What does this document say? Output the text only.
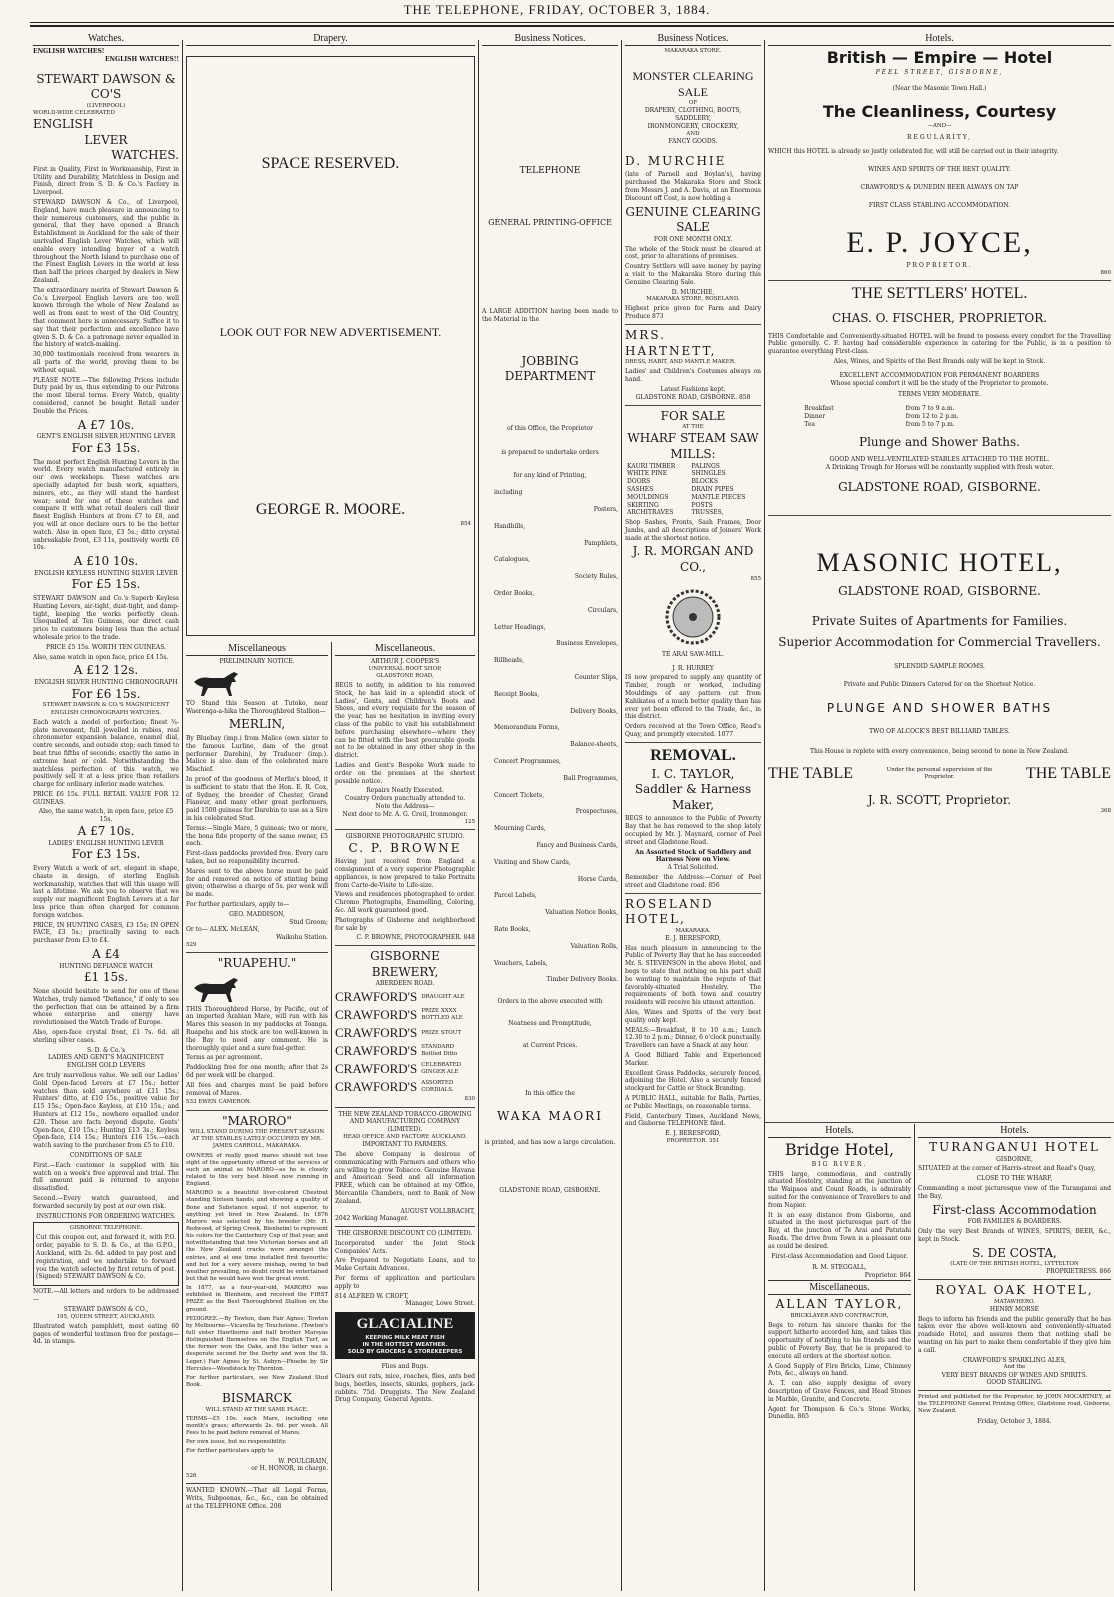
THE TELEPHONE, FRIDAY, OCTOBER 3, 1884.
Watches.
ENGLISH WATCHES!
ENGLISH WATCHES!!
STEWART DAWSON & CO'S
(LIVERPOOL)
WORLD-WIDE CELEBRATED
ENGLISH
LEVER
WATCHES.
First in Quality, First in Workmanship, First in Utility and Durability, Matchless in Design and Finish, direct from S. D. & Co.'s Factory in Liverpool.
STEWARD DAWSON & Co., of Liverpool, England, have much pleasure in announcing to their numerous customers, and the public in general, that they have opened a Branch Establishment in Auckland for the sale of their unrivalled English Lever Watches, which will enable every intending buyer of a watch throughout the North Island to purchase one of the Finest English Levers in the world at less than half the prices charged by dealers in New Zealand.
The extraordinary merits of Stewart Dawson & Co.'s Liverpool English Levers are too well known through the whole of New Zealand as well as from east to west of the Old Country, that comment here is unnecessary. Suffice it to say that their perfection and excellence have given S. D. & Co. a patronage never equalled in the history of watch-making.
30,000 testimonials received from wearers in all parts of the world, proving them to be without equal.
PLEASE NOTE.—The following Prices include Duty paid by us, thus extending to our Patrons the most liberal terms. Every Watch, quality considered, cannot be bought Retail under Double the Prices.
A £7 10s.
GENT'S ENGLISH SILVER HUNTING LEVER
For £3 15s.
The most perfect English Hunting Levers in the world. Every watch manufactured entirely in our own workshops. These watches are specially adapted for bush work, squatters, miners, etc., as they will stand the hardest wear; send for one of these watches and compare it with what retail dealers call their finest English Hunters at from £7 to £8, and you will at once declare ours to be the better watch. Also in open face, £3 5s.; ditto crystal unbreakable front, £3 11s, positively worth £6 10s.
A £10 10s.
ENGLISH KEYLESS HUNTING SILVER LEVER
For £5 15s.
STEWART DAWSON and Co.'s Superb Keyless Hunting Levers, air-tight, dust-tight, and damp-tight, keeping the works perfectly clean. Unequalled at Ten Guineas, our direct cash price to customers being less than the actual wholesale price to the trade.
PRICE £5 15s. WORTH TEN GUINEAS.
Also, same watch in open face, price £4 15s.
A £12 12s.
ENGLISH SILVER HUNTING CHRONOGRAPH
For £6 15s.
STEWART DAWSON & CO.'S MAGNIFICENT ENGLISH CHRONOGRAPH WATCHES.
Each watch a model of perfection; finest ¾-plate movement, full jewelled in rubies, real chronometer expansion balance, enamel dial, centre seconds, and outside stop; each timed to beat true fifths of seconds; exactly the same in extreme heat or cold. Notwithstanding the matchless perfection of this watch, we positively sell it at a less price than retailers charge for ordinary inferior made watches.
PRICE £6 15s. FULL RETAIL VALUE FOR 12 GUINEAS.
Also, the same watch, in open face, price £5 15s.
A £7 10s.
LADIES' ENGLISH HUNTING LEVER
For £3 15s.
Every Watch a work of art, elegant in shape, chaste in design, of sterling English workmanship, watches that will this usage will last a lifetime. We ask you to observe that we supply our magnificent English Levers at a far less price than often charged for common foreign watches.
PRICE, IN HUNTING CASES, £3 15s; IN OPEN FACE, £3 5s.; practically saving to each purchaser from £3 to £4.
A £4
HUNTING DEFIANCE WATCH
£1 15s.
None should hesitate to send for one of these Watches, truly named "Defiance," if only to see the perfection that can be attained by a firm whose enterprise and energy have revolutionised the Watch Trade of Europe.
Also, open-face crystal front, £1 7s. 6d. all sterling silver cases.
S. D. & Co.'s
LADIES AND GENT'S MAGNIFICENT ENGLISH GOLD LEVERS
Are truly marvellous value. We sell our Ladies' Gold Open-faced Levers at £7 15s.; better watches than sold anywhere at £11 15s.; Hunters' ditto, at £10 15s., positive value for £15 15s.; Open-face Keyless, at £10 15s.; and Hunters at £12 15s., nowhere equalled under £20. These are facts beyond dispute. Gents' Open-face, £10 15s.; Hunting £13 3s.; Keyless Open-face, £14 15s.; Hunters £16 15s.—each watch saving to the purchaser from £5 to £10.
CONDITIONS OF SALE
First.—Each customer is supplied with his watch on a week's free approval and trial. The full amount paid is returned to anyone dissatisfied.
Second.—Every watch guaranteed, and forwarded securely by post at our own risk.
INSTRUCTIONS FOR ORDERING WATCHES.
GISBORNE TELEPHONE.
Cut this coupon out, and forward it, with P.O. order, payable to S. D. & Co., at the G.P.O., Auckland, with 2s. 6d. added to pay post and registration, and we undertake to forward you the watch selected by first return of post. (Signed) STEWART DAWSON & Co.
NOTE.—All letters and orders to be addressed—
STEWART DAWSON & CO.,
195, QUEEN STREET, AUCKLAND.
Illustrated watch pamphlett, most eating 60 pages of wonderful testimon free for postage—4d. in stamps.
Drapery.
SPACE RESERVED.
LOOK OUT FOR NEW ADVERTISEMENT.
GEORGE R. MOORE.
854
Miscellaneous
PRELIMINARY NOTICE.
TO Stand this Season at Tutoko, near Waerenga-a-hika the Thoroughbred Stallion—
MERLIN,
By Bluebay (imp.) from Malice (own sister to the famous Lurline, dam of the great performer Darebin), by Traducer (imp.). Malice is also dam of the celebrated mare Mischief.
In proof of the goodness of Merlin's blood, it is sufficient to state that the Hon. E. R. Cox, of Sydney, the breeder of Chester, Grand Flaneur, and many other great performers, paid 1500 guineas for Darebin to use as a Sire in his celebrated Stud.
Terms:—Single Mare, 5 guineas; two or more, the bona fide property of the same owner, £5 each.
First-class paddocks provided free. Every care taken, but no responsibility incurred.
Mares sent to the above horse must be paid for and removed on notice of stinting being given; otherwise a charge of 5s. per week will be made.
For further particulars, apply to—
GEO. MADDISON,
Stud Groom;
Or to— ALEX. McLEAN,
Waikohu Station.
529
"RUAPEHU."
THIS Thoroughbred Horse, by Pacific, out of an imported Arabian Mare, will run with his Mares this season in my paddocks at Toanga. Ruapehu and his stock are too well-known in the Bay to need any comment. He is thoroughly quiet and a sure foal-getter.
Terms as per agreement.
Paddocking free for one month; after that 2s 6d per week will be charged.
All fees and charges must be paid before removal of Mares.
533 EWEN CAMERON.
"MARORO"
WILL STAND DURING THE PRESENT SEASON AT THE STABLES LATELY OCCUPIED BY MR. JAMES CARROLL, MAKARAKA.
OWNERS of really good mares should not lose sight of the opportunity offered of the services of such an animal as MARORO—as he is closely related to the very best blood now running in England.
MARORO is a beautiful liver-colored Chestnut standing Sixteen hands; and showing a quality of Bone and Substance equal, if not superior, to anything yet bred in New Zealand. In 1876 Maroro was selected by his breeder (Mr. H. Redwood, of Spring Creek, Blenheim) to represent his colors for the Canterbury Cup of that year, and notwithstanding that two Victorian horses and all the New Zealand cracks were amongst the entries, and at one time installed first favourite; and but for a very severe mishap, owing to bad weather prevailing, no doubt could be entertained but that he would have won the great event.
In 1877, as a four-year-old, MARORO was exhibited in Blenheim, and received the FIRST PRIZE as the Best Thoroughbred Stallion on the ground.
PEDIGREE.—By Towton, dam Fair Agnes; Towton by Melbourne—Vicarella by Touchstone. (Towton's full sister Hawthorne and half brother Marsyas distinguished themselves on the English Turf, as the former won the Oaks, and the latter was a desperate second for the Derby and won the St. Leger.) Fair Agnes by St. Aubyn—Phoebe by Sir Hercules—Woodstock by Thornton.
For further particulars, see New Zealand Stud Book.
BISMARCK
WILL STAND AT THE SAME PLACE.
TERMS—£5 10s. each Mare, including one month's grass; afterwards 2s. 6d. per week. All Fees to be paid before removal of Mares.
Per own issue, but no responsibility.
For further particulars apply to
W. POULGRAIN,
or H. HONOR, in charge.
526
WANTED KNOWN.—That all Legal Forms, Writs, Subpoenas, &c., &c., can be obtained at the TELEPHONE Office. 208
Miscellaneous.
ARTHUR J. COOPER'S
UNIVERSAL BOOT SHOP,
GLADSTONE ROAD,
BEGS to notify, in addition to his removed Stock, he has laid in a splendid stock of Ladies', Gents, and Children's Boots and Shoes, and every requisite for the season of the year, has no hesitation in inviting every class of the public to visit his establishment before purchasing elsewhere—where they can be fitted with the best procurable goods not to be obtained in any other shop in the district.
Ladies and Gent's Bespoke Work made to order on the premises at the shortest possible notice.
Repairs Neatly Executed.
Country Orders punctually attended to.
Note the Address—
Next door to Mr. A. G. Creil, Ironmonger.
125
GISBORNE PHOTOGRAPHIC STUDIO.
C. P. BROWNE
Having just received from England a consignment of a very superior Photographic appliances, is now prepared to take Portraits from Carte-de-Visite to Life-size.
Views and residences photographed to order. Chromo Photographs, Enamelling, Coloring, &c. All work guaranteed good.
Photographs of Gisborne and neighborhood for sale by
C. P. BROWNE, PHOTOGRAPHER. 848
GISBORNE BREWERY,
ABERDEEN ROAD.
CRAWFORD'S DRAUGHT ALE
CRAWFORD'S PRIZE XXXX BOTTLED ALE
CRAWFORD'S PRIZE STOUT
CRAWFORD'S STANDARD Bottled Ditto
CRAWFORD'S CELEBRATED GINGER ALE
CRAWFORD'S ASSORTED CORDIALS.
830
THE NEW ZEALAND TOBACCO-GROWING AND MANUFACTURING COMPANY (LIMITED).
HEAD OFFICE AND FACTORY: AUCKLAND.
IMPORTANT TO FARMERS.
The above Company is desirous of communicating with Farmers and others who are willing to grow Tobacco. Genuine Havana and American Seed and all information FREE, which can be obtained at my Office, Mercantile Chambers, next to Bank of New Zealand.
AUGUST VOLLBRACHT,
2042 Working Manager.
THE GISBORNE DISCOUNT CO (LIMITED).
Incorporated under the Joint Stock Companies' Acts.
Are Prepared to Negotiate Loans, and to Make Certain Advances.
For forms of application and particulars apply to
814 ALFRED W. CROFT,
Manager, Lowe Street.
GLACIALINE
KEEPING MILK MEAT FISH
IN THE HOTTEST WEATHER.
SOLD BY GROCERS & STOREKEEPERS
Flies and Bugs.
Clears out rats, mice, roaches, flies, ants bed bugs, beetles, insects, skunks, gophers, jack-rabbits. 75d. Druggists. The New Zealand Drug Company, General Agents.
Business Notices.
TELEPHONE
GENERAL PRINTING-OFFICE
A LARGE ADDITION having been made to the Material in the
JOBBING DEPARTMENT
of this Office, the Proprietor
is prepared to undertake orders
for any kind of Printing,
including
Posters,
Handbills,
Pamphlets,
Catalogues,
Society Rules,
Order Books,
Circulars,
Letter Headings,
Business Envelopes,
Billheads,
Counter Slips,
Receipt Books,
Delivery Books,
Memorandum Forms,
Balance-sheets,
Concert Programmes,
Ball Programmes,
Concert Tickets,
Prospectuses,
Mourning Cards,
Fancy and Business Cards,
Visiting and Show Cards,
Horse Cards,
Parcel Labels,
Valuation Notice Books,
Rate Books,
Valuation Rolls,
Vouchers, Labels,
Timber Delivery Books.
Orders in the above executed with
Neatness and Promptitude,
at Current Prices.
In this office the
WAKA MAORI
is printed, and has now a large circulation.
GLADSTONE ROAD, GISBORNE.
Business Notices.
MAKARAKA STORE.
MONSTER CLEARING SALE
OF
DRAPERY, CLOTHING, BOOTS,
SADDLERY,
IRONMONGERY, CROCKERY,
AND
FANCY GOODS.
D. MURCHIE
(late of Parnell and Boylan's), having purchased the Makaraka Store and Stock from Messrs J. and A. Davis, at an Enormous Discount off Cost, is now holding a
GENUINE CLEARING SALE
FOR ONE MONTH ONLY.
The whole of the Stock must be cleared at cost, prior to alterations of premises.
Country Settlers will save money by paying a visit to the Makaraka Store during this Genuine Clearing Sale.
D. MURCHIE,
MAKARAKA STORE, ROSELAND.
Highest price given for Farm and Dairy Produce 873
MRS. HARTNETT,
DRESS, HABIT, AND MANTLE MAKER.
Ladies' and Children's Costumes always on hand.
Latest Fashions kept.
GLADSTONE ROAD, GISBORNE. 858
FOR SALE
AT THE
WHARF STEAM SAW MILLS:
KAURI TIMBER	PALINGS
WHITE PINE	SHINGLES
DOORS	BLOCKS
SASHES	DRAIN PIPES
MOULDINGS	MANTLE PIECES
SKIRTING	POSTS
ARCHITRAVES	TRUSSES,
Shop Sashes, Fronts, Sash Frames, Door Jambs, and all descriptions of Joiners' Work made at the shortest notice.
J. R. MORGAN AND CO.,
855
TE ARAI SAW-MILL.
J. R. HURREY
IS now prepared to supply any quantity of Timber, rough or worked, including Mouldings of any pattern cut from Kahikatea of a much better quality than has ever yet been offered to the Trade, &c., in this district.
Orders received at the Town Office, Read's Quay, and promptly executed. 1077
REMOVAL.
I. C. TAYLOR,
Saddler & Harness Maker,
BEGS to announce to the Public of Poverty Bay that he has removed to the shop lately occupied by Mr. J. Maynard, corner of Peel street and Gladstone Road.
An Assorted Stock of Saddlery and Harness Now on View.
A Trial Solicited.
Remember the Address:—Corner of Peel street and Gladstone road. 856
ROSELAND HOTEL,
MAKARAKA.
E. J. BERESFORD,
Has much pleasure in announcing to the Public of Poverty Bay that he has succeeded Mr. S. STEVENSON in the above Hotel, and begs to state that nothing on his part shall be wanting to maintain the repute of that favorably-situated Hostelry. The requirements of both town and country residents will receive his utmost attention.
Ales, Wines and Spirits of the very best quality only kept.
MEALS:—Breakfast, 8 to 10 a.m.; Lunch 12.30 to 2 p.m.; Dinner, 6 o'clock punctually. Travellers can have a Snack at any hour.
A Good Billiard Table and Experienced Marker.
Excellent Grass Paddocks, securely fenced, adjoining the Hotel. Also a securely fenced stockyard for Cattle or Stock Branding.
A PUBLIC HALL, suitable for Balls, Parties, or Public Meetings, on reasonable terms.
Field, Canterbury Times, Auckland News, and Gisborne TELEPHONE filed.
E. J. BERESFORD,
PROPRIETOR. 351
Hotels.
British — Empire — Hotel
PEEL STREET, GISBORNE,
(Near the Masonic Town Hall.)
The Cleanliness, Courtesy
—AND—
REGULARITY,
WHICH this HOTEL is already so justly celebrated for, will still be carried out in their integrity.
WINES AND SPIRITS OF THE BEST QUALITY.
CRAWFORD'S & DUNEDIN BEER ALWAYS ON TAP
FIRST CLASS STABLING ACCOMMODATION.
E. P. JOYCE,
PROPRIETOR.
860
THE SETTLERS' HOTEL.
CHAS. O. FISCHER, PROPRIETOR.
THIS Comfortable and Conveniently-situated HOTEL will be found to possess every comfort for the Travelling Public generally. C. F. having had considerable experience in catering for the Public, is in a position to guarantee everything First-class.
Ales, Wines, and Spirits of the Best Brands only will be kept in Stock.
EXCELLENT ACCOMMODATION FOR PERMANENT BOARDERS
Whose special comfort it will be the study of the Proprietor to promote.
TERMS VERY MODERATE.
Breakfast	from 7 to 9 a.m.
Dinner	from 12 to 2 p.m.
Tea	from 5 to 7 p.m.
Plunge and Shower Baths.
GOOD AND WELL-VENTILATED STABLES ATTACHED TO THE HOTEL.
A Drinking Trough for Horses will be constantly supplied with fresh water.
GLADSTONE ROAD, GISBORNE.
MASONIC HOTEL,
GLADSTONE ROAD, GISBORNE.
Private Suites of Apartments for Families.
Superior Accommodation for Commercial Travellers.
SPLENDID SAMPLE ROOMS.
Private and Public Dinners Catered for on the Shortest Notice.
PLUNGE AND SHOWER BATHS
TWO OF ALCOCK'S BEST BILLIARD TABLES.
This House is replete with every convenience, being second to none in New Zealand.
THE TABLE	Under the personal supervision of the Proprietor.	THE TABLE
J. R. SCOTT, Proprietor.
368
Hotels.
Bridge Hotel,
BIG RIVER.
THIS large, commodious, and centrally situated Hostelry, standing at the junction of the Waipaoa and Count Roads, is admirably suited for the convenience of Travellers to and from Napier.
It is an easy distance from Gisborne, and situated in the most picturesque part of the Bay, at the junction of Te Arai and Patutahi Roads. The drive from Town is a pleasant one as could be desired.
First-class Accommodation and Good Liquor.
R. M. STEGGALL,
Proprietor. 864
Miscellaneous.
ALLAN TAYLOR,
BRICKLAYER AND CONTRACTOR,
Begs to return his sincere thanks for the support hitherto accorded him, and takes this opportunity of notifying to his friends and the public of Poverty Bay, that he is prepared to execute all orders at the shortest notice.
A Good Supply of Fire Bricks, Lime, Chimney Pots, &c., always on hand.
A. T. can also supply designs of every description of Grave Fences, and Head Stones in Marble, Granite, and Concrete.
Agent for Thompson & Co.'s Stone Works, Dunedin. 865
Hotels.
TURANGANUI HOTEL
GISBORNE,
SITUATED at the corner of Harris-street and Read's Quay,
CLOSE TO THE WHARF,
Commanding a most picturesque view of the Turanganui and the Bay,
First-class Accommodation
FOR FAMILIES & BOARDERS.
Only the very Best Brands of WINES, SPIRITS, BEER, &c., kept in Stock.
S. DE COSTA,
(LATE OF THE BRITISH HOTEL, LYTTELTON
PROPRIETRESS. 866
ROYAL OAK HOTEL,
MATAWHERO.
HENRY MORSE
Begs to inform his friends and the public generally that he has taken over the above well-known and conveniently-situated roadside Hotel, and assures them that nothing shall be wanting on his part to make them comfortable if they give him a call.
CRAWFORD'S SPARKLING ALES,
And the
VERY BEST BRANDS OF WINES AND SPIRITS.
GOOD STABLING.
Printed and published for the Proprietor, by JOHN MOCARTNEY, at the TELEPHONE General Printing Office, Gladstone road, Gisborne, New Zealand.
Friday, October 3, 1884.
